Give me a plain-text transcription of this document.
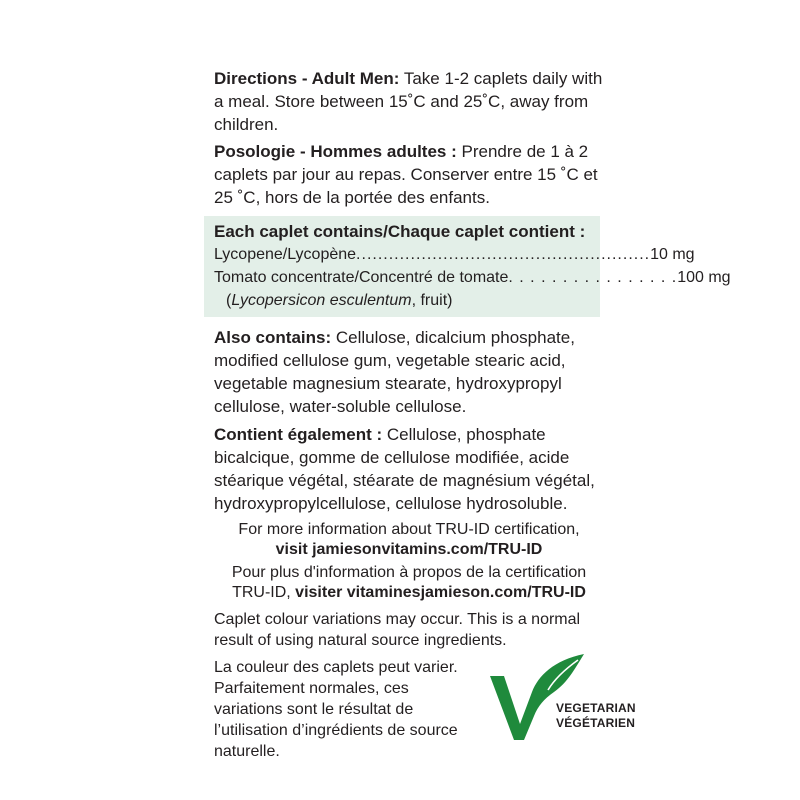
Directions - Adult Men: Take 1-2 caplets daily with a meal. Store between 15˚C and 25˚C, away from children.
Posologie - Hommes adultes : Prendre de 1 à 2 caplets par jour au repas. Conserver entre 15 ˚C et 25 ˚C, hors de la portée des enfants.
Each caplet contains/Chaque caplet contient :
Lycopene/Lycopène ...................................................... 10 mg
Tomato concentrate/Concentré de tomate . . . . . . . . . . . . . . . . 100 mg
( Lycopersicon esculentum , fruit)
Also contains: Cellulose, dicalcium phosphate, modified cellulose gum, vegetable stearic acid, vegetable magnesium stearate, hydroxypropyl cellulose, water-soluble cellulose.
Contient également : Cellulose, phosphate bicalcique, gomme de cellulose modifiée, acide stéarique végétal, stéarate de magnésium végétal, hydroxypropylcellulose, cellulose hydrosoluble.
For more information about TRU-ID certification,
visit jamiesonvitamins.com/TRU-ID
Pour plus d'information à propos de la certification
TRU-ID, visiter vitaminesjamieson.com/TRU-ID
Caplet colour variations may occur. This is a normal result of using natural source ingredients.
La couleur des caplets peut varier. Parfaitement normales, ces variations sont le résultat de l’utilisation d’ingrédients de source naturelle.
VEGETARIAN
VÉGÉTARIEN
